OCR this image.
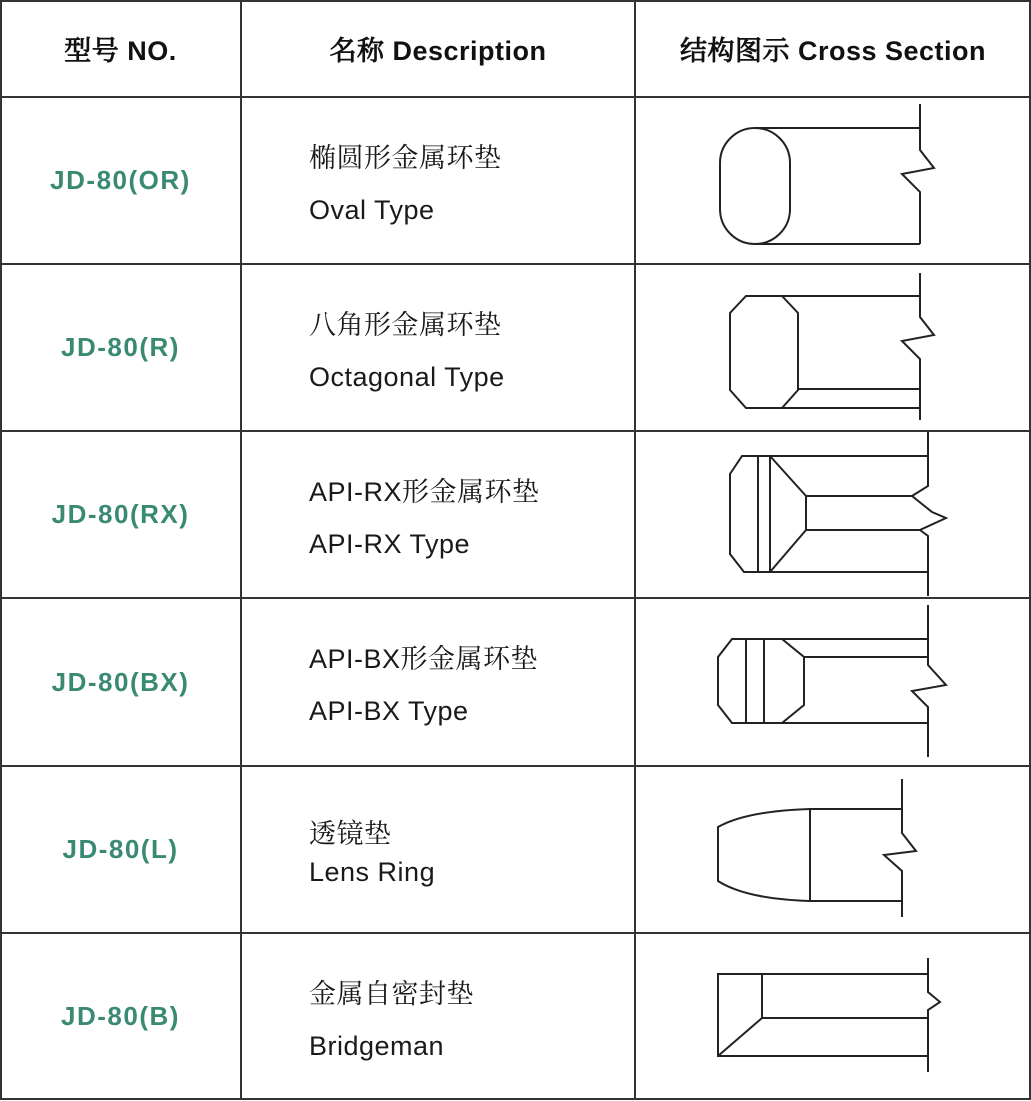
型号 NO.	名称 Description	结构图示 Cross Section
JD-80(OR)
椭圆形金属环垫
Oval Type
JD-80(R)
八角形金属环垫
Octagonal Type
JD-80(RX)
API-RX形金属环垫
API-RX Type
JD-80(BX)
API-BX形金属环垫
API-BX Type
JD-80(L)
透镜垫
Lens Ring
JD-80(B)
金属自密封垫
Bridgeman
